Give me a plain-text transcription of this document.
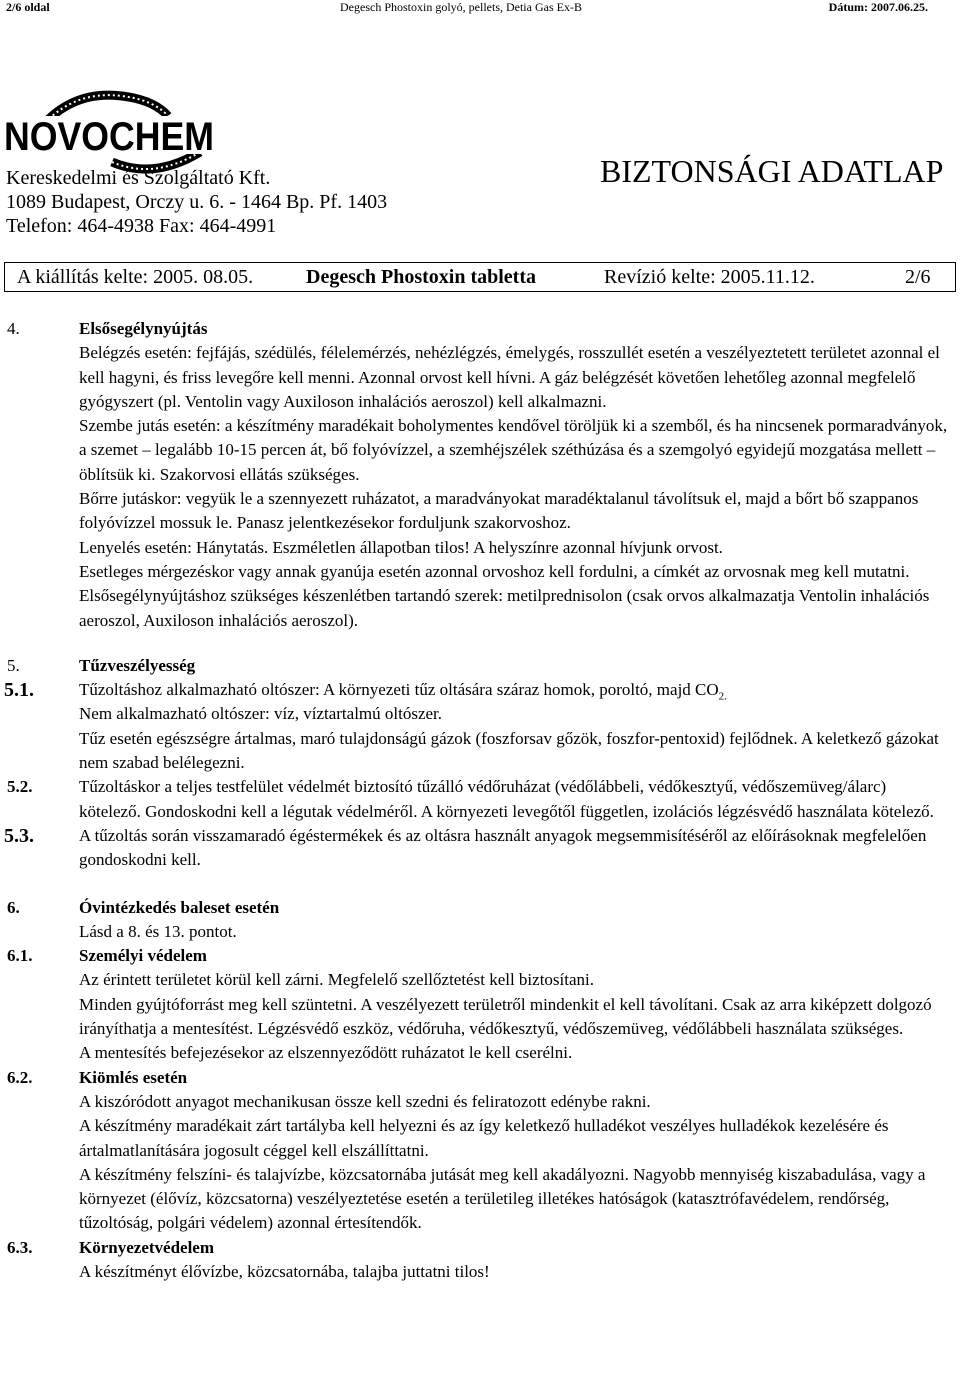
2/6 oldal	Degesch Phostoxin golyó, pellets, Detia Gas Ex-B	Dátum: 2007.06.25.
NOVOCHEM
Kereskedelmi és Szolgáltató Kft.
1089 Budapest, Orczy u. 6. - 1464 Bp. Pf. 1403
Telefon: 464-4938 Fax: 464-4991
BIZTONSÁGI ADATLAP
A kiállítás kelte: 2005. 08.05.	Degesch Phostoxin tabletta	Revízió kelte: 2005.11.12.	2/6
4.	Elsősegélynyújtás

Belégzés esetén: fejfájás, szédülés, félelemérzés, nehézlégzés, émelygés, rosszullét esetén a veszélyeztetett területet azonnal el kell hagyni, és friss levegőre kell menni. Azonnal orvost kell hívni. A gáz belégzését követően lehetőleg azonnal megfelelő gyógyszert (pl. Ventolin vagy Auxiloson inhalációs aeroszol) kell alkalmazni.

Szembe jutás esetén: a készítmény maradékait boholymentes kendővel töröljük ki a szemből, és ha nincsenek pormaradványok, a szemet – legalább 10-15 percen át, bő folyóvízzel, a szemhéjszélek széthúzása és a szemgolyó egyidejű mozgatása mellett – öblítsük ki. Szakorvosi ellátás szükséges.

Bőrre jutáskor: vegyük le a szennyezett ruházatot, a maradványokat maradéktalanul távolítsuk el, majd a bőrt bő szappanos folyóvízzel mossuk le. Panasz jelentkezésekor forduljunk szakorvoshoz.

Lenyelés esetén: Hánytatás. Eszméletlen állapotban tilos! A helyszínre azonnal hívjunk orvost.

Esetleges mérgezéskor vagy annak gyanúja esetén azonnal orvoshoz kell fordulni, a címkét az orvosnak meg kell mutatni.

Elsősegélynyújtáshoz szükséges készenlétben tartandó szerek: metilprednisolon (csak orvos alkalmazatja Ventolin inhalációs aeroszol, Auxiloson inhalációs aeroszol).

5.	Tűzveszélyesség
5.1.	Tűzoltáshoz alkalmazható oltószer: A környezeti tűz oltására száraz homok, poroltó, majd $CO_{2.}$

Nem alkalmazható oltószer: víz, víztartalmú oltószer.

Tűz esetén egészségre ártalmas, maró tulajdonságú gázok (foszforsav gőzök, foszfor-pentoxid) fejlődnek. A keletkező gázokat nem szabad belélegezni.

5.2.	Tűzoltáskor a teljes testfelület védelmét biztosító tűzálló védőruházat (védőlábbeli, védőkesztyű, védőszemüveg/álarc) kötelező. Gondoskodni kell a légutak védelméről. A környezeti levegőtől független, izolációs légzésvédő használata kötelező.

5.3.	A tűzoltás során visszamaradó égéstermékek és az oltásra használt anyagok megsemmisítéséről az előírásoknak megfelelően gondoskodni kell.

6.	Óvintézkedés baleset esetén

Lásd a 8. és 13. pontot.

6.1.	Személyi védelem

Az érintett területet körül kell zárni. Megfelelő szellőztetést kell biztosítani.

Minden gyújtóforrást meg kell szüntetni. A veszélyezett területről mindenkit el kell távolítani. Csak az arra kiképzett dolgozó irányíthatja a mentesítést. Légzésvédő eszköz, védőruha, védőkesztyű, védőszemüveg, védőlábbeli használata szükséges.

A mentesítés befejezésekor az elszennyeződött ruházatot le kell cserélni.

6.2.	Kiömlés esetén

A kiszóródott anyagot mechanikusan össze kell szedni és feliratozott edénybe rakni.

A készítmény maradékait zárt tartályba kell helyezni és az így keletkező hulladékot veszélyes hulladékok kezelésére és ártalmatlanítására jogosult céggel kell elszállíttatni.

A készítmény felszíni- és talajvízbe, közcsatornába jutását meg kell akadályozni. Nagyobb mennyiség kiszabadulása, vagy a környezet (élővíz, közcsatorna) veszélyeztetése esetén a területileg illetékes hatóságok (katasztrófavédelem, rendőrség, tűzoltóság, polgári védelem) azonnal értesítendők.

6.3.	Környezetvédelem

A készítményt élővízbe, közcsatornába, talajba juttatni tilos!
